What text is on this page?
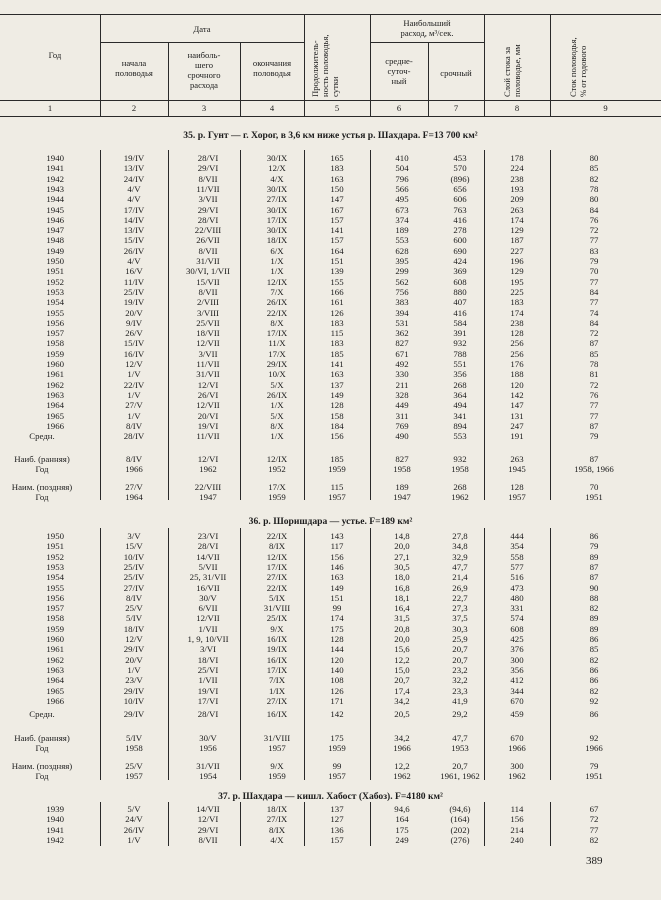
Год
Дата
начала
половодья
наиболь-
шего
срочного
расхода
окончания
половодья	Продолжитель- ность половодья, сутки
Наибольший
расход, м³/сек.
средне-
суточ-
ный
срочный	Слой стока за половодье, мм	Сток половодья, % от годового
1	2	3	4	5	6	7	8	9
35. р. Гунт — г. Хорог, в 3,6 км ниже устья р. Шахдара. F=13 700 км²
36. р. Шоришдара — устье. F=189 км²
37. р. Шахдара — кишл. Хабост (Хабоз). F=4180 км²
1940	19/IV	28/VI	30/IX	165	410	453	178	80
1941	13/IV	29/VI	12/X	183	504	570	224	85
1942	24/IV	8/VII	4/X	163	796	(896)	238	82
1943	4/V	11/VII	30/IX	150	566	656	193	78
1944	4/V	3/VII	27/IX	147	495	606	209	80
1945	17/IV	29/VI	30/IX	167	673	763	263	84
1946	14/IV	28/VI	17/IX	157	374	416	174	76
1947	13/IV	22/VIII	30/IX	141	189	278	129	72
1948	15/IV	26/VII	18/IX	157	553	600	187	77
1949	26/IV	8/VII	6/X	164	628	690	227	83
1950	4/V	31/VII	1/X	151	395	424	196	79
1951	16/V	30/VI, 1/VII	1/X	139	299	369	129	70
1952	11/IV	15/VII	12/IX	155	562	608	195	77
1953	25/IV	8/VII	7/X	166	756	880	225	84
1954	19/IV	2/VIII	26/IX	161	383	407	183	77
1955	20/V	3/VIII	22/IX	126	394	416	174	74
1956	9/IV	25/VII	8/X	183	531	584	238	84
1957	26/V	18/VII	17/IX	115	362	391	128	72
1958	15/IV	12/VII	11/X	183	827	932	256	87
1959	16/IV	3/VII	17/X	185	671	788	256	85
1960	12/V	11/VII	29/IX	141	492	551	176	78
1961	1/V	31/VII	10/X	163	330	356	188	81
1962	22/IV	12/VI	5/X	137	211	268	120	72
1963	1/V	26/VI	26/IX	149	328	364	142	76
1964	27/V	12/VII	1/X	128	449	494	147	77
1965	1/V	20/VI	5/X	158	311	341	131	77
1966	8/IV	19/VI	8/X	184	769	894	247	87
Средн.	28/IV	11/VII	1/X	156	490	553	191	79
Наиб. (ранняя)	8/IV	12/VI	12/IX	185	827	932	263	87
Год	1966	1962	1952	1959	1958	1958	1945	1958, 1966
Наим. (поздняя)	27/V	22/VIII	17/X	115	189	268	128	70
Год	1964	1947	1959	1957	1947	1962	1957	1951
1950	3/V	23/VI	22/IX	143	14,8	27,8	444	86
1951	15/V	28/VI	8/IX	117	20,0	34,8	354	79
1952	10/IV	14/VII	12/IX	156	27,1	32,9	558	89
1953	25/IV	5/VII	17/IX	146	30,5	47,7	577	87
1954	25/IV	25, 31/VII	27/IX	163	18,0	21,4	516	87
1955	27/IV	16/VII	22/IX	149	16,8	26,9	473	90
1956	8/IV	30/V	5/IX	151	18,1	22,7	480	88
1957	25/V	6/VII	31/VIII	99	16,4	27,3	331	82
1958	5/IV	12/VII	25/IX	174	31,5	37,5	574	89
1959	18/IV	1/VII	9/X	175	20,8	30,3	608	89
1960	12/V	1, 9, 10/VII	16/IX	128	20,0	25,9	425	86
1961	29/IV	3/VI	19/IX	144	15,6	20,7	376	85
1962	20/V	18/VI	16/IX	120	12,2	20,7	300	82
1963	1/V	25/VI	17/IX	140	15,0	23,2	356	86
1964	23/V	1/VII	7/IX	108	20,7	32,2	412	86
1965	29/IV	19/VI	1/IX	126	17,4	23,3	344	82
1966	10/IV	17/VI	27/IX	171	34,2	41,9	670	92
Средн.	29/IV	28/VI	16/IX	142	20,5	29,2	459	86
Наиб. (ранняя)	5/IV	30/V	31/VIII	175	34,2	47,7	670	92
Год	1958	1956	1957	1959	1966	1953	1966	1966
Наим. (поздняя)	25/V	31/VII	9/X	99	12,2	20,7	300	79
Год	1957	1954	1959	1957	1962	1961, 1962	1962	1951
1939	5/V	14/VII	18/IX	137	94,6	(94,6)	114	67
1940	24/V	12/VI	27/IX	127	164	(164)	156	72
1941	26/IV	29/VI	8/IX	136	175	(202)	214	77
1942	1/V	8/VII	4/X	157	249	(276)	240	82
389
